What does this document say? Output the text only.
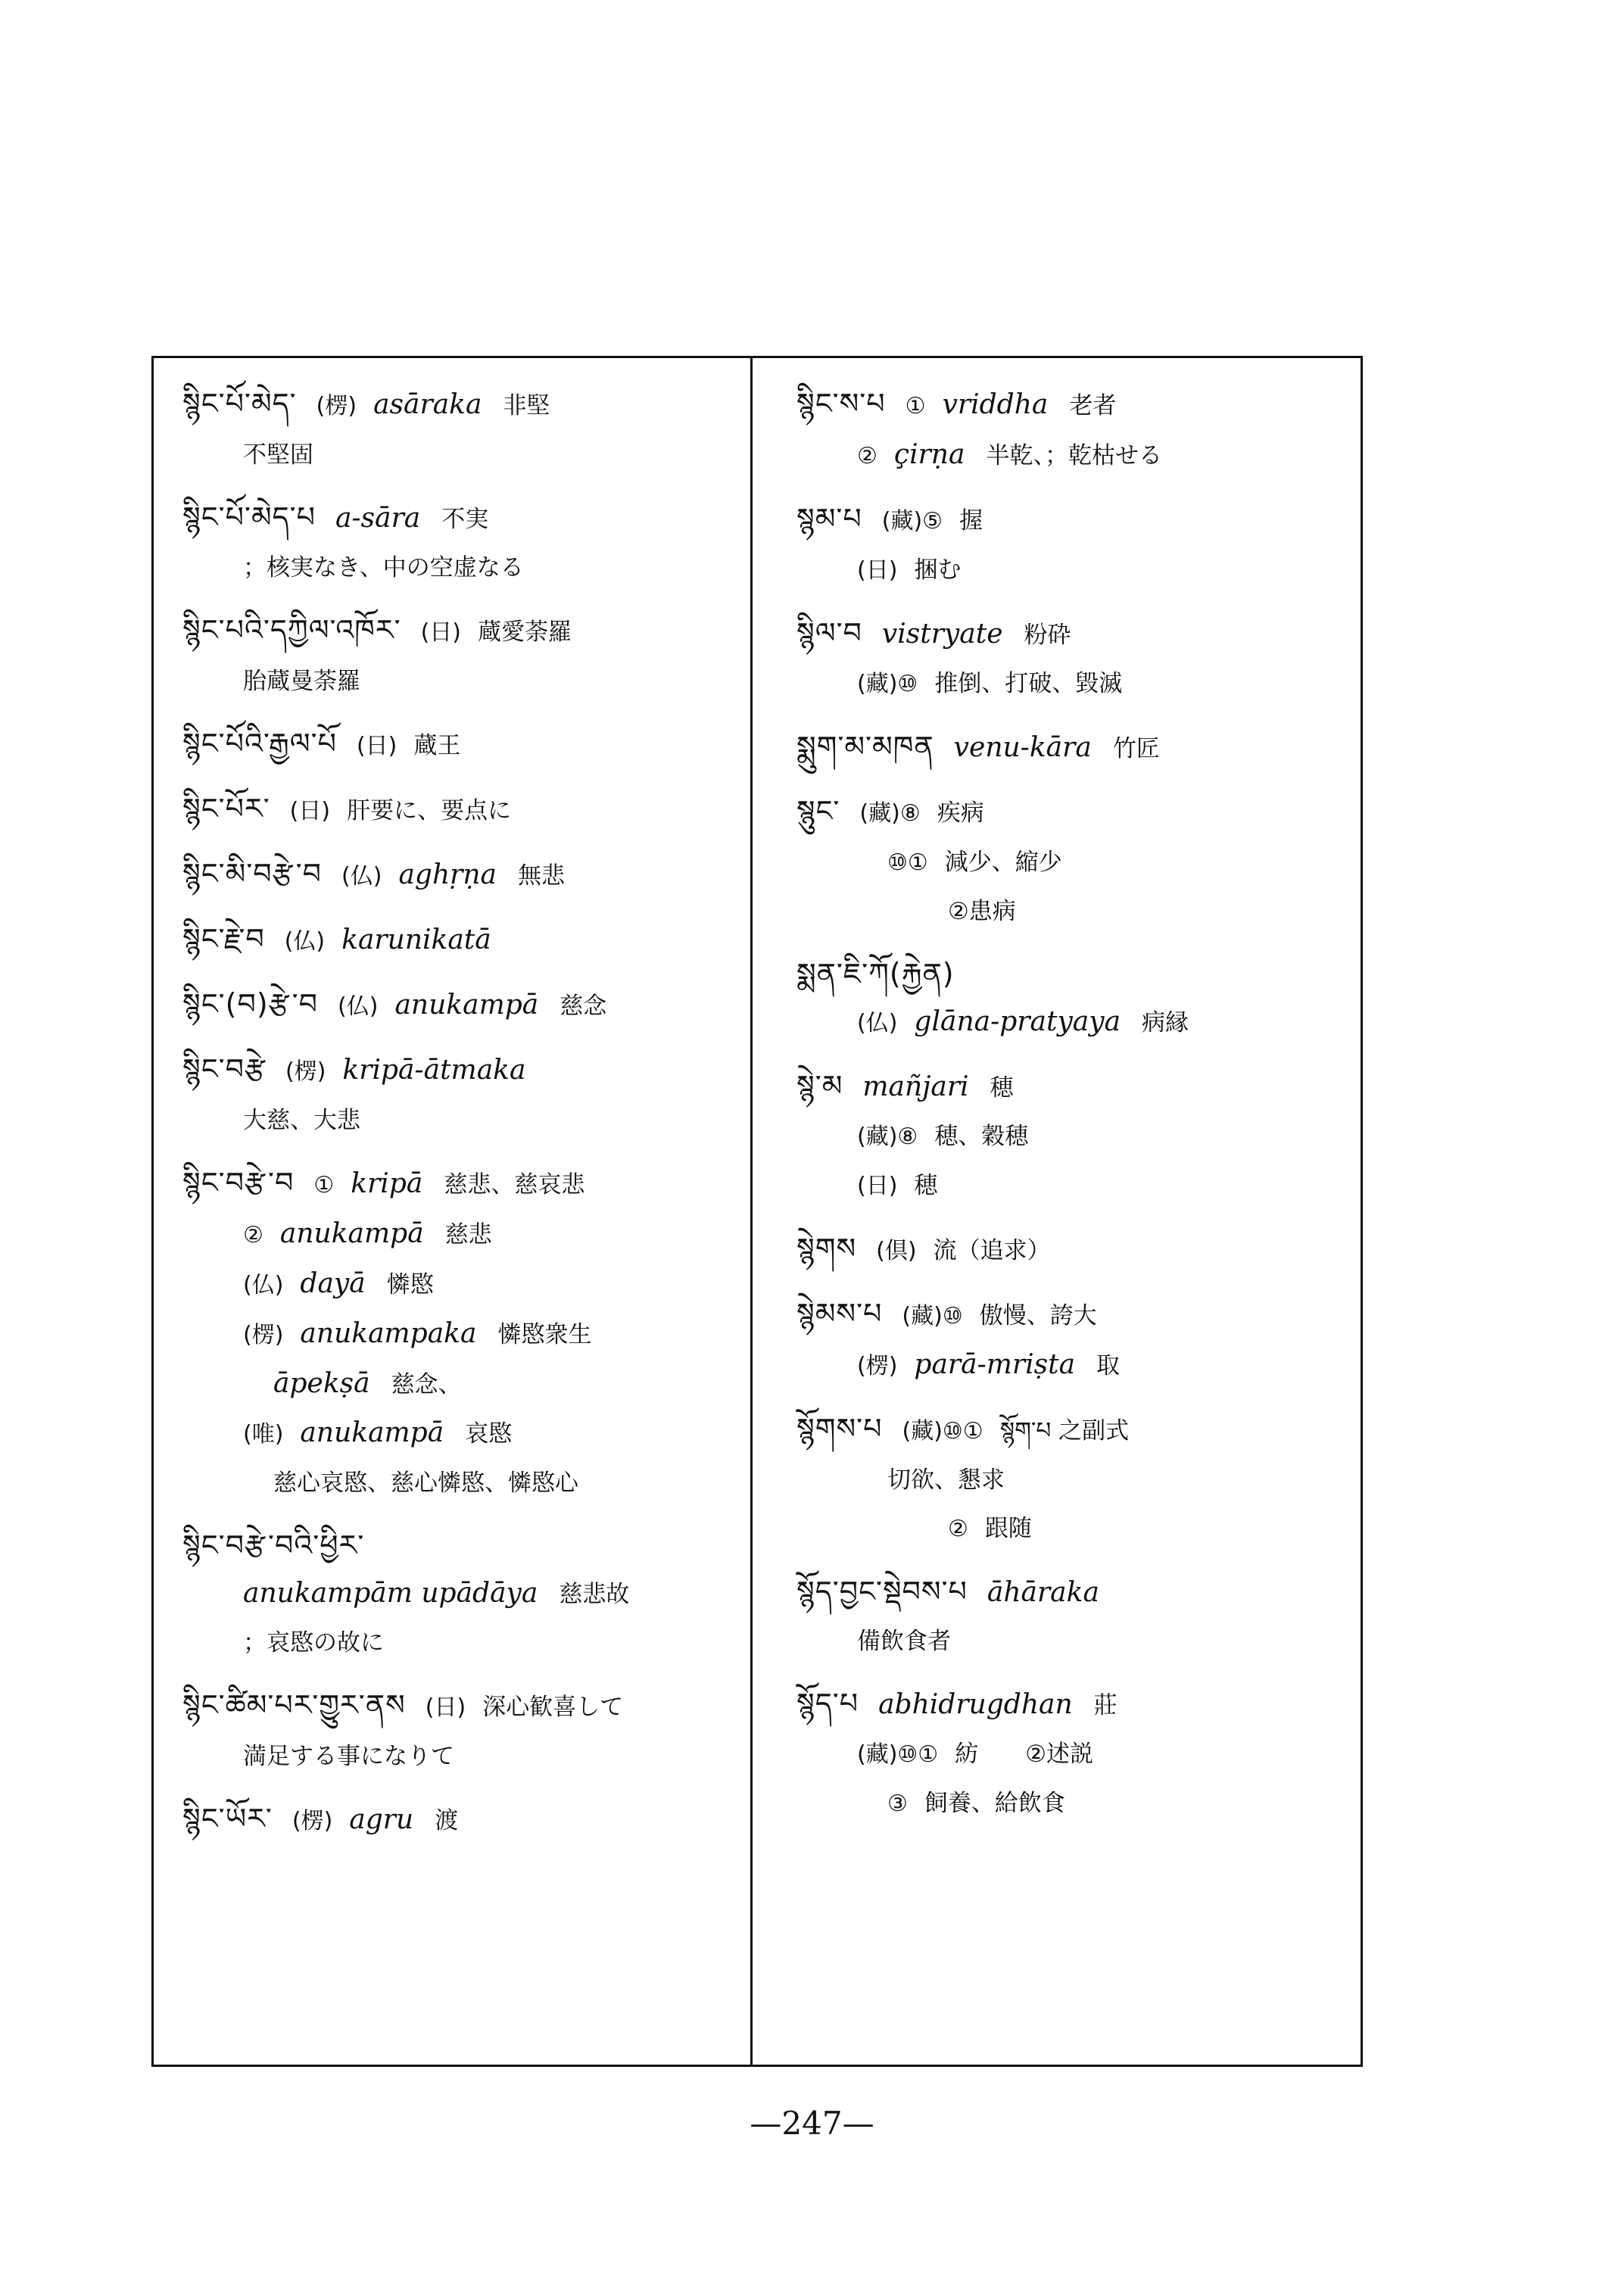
སྙིང་པོ་མེད་ (楞) asāraka 非堅
不堅固
སྙིང་པོ་མེད་པ a-sāra 不実
；核実なき、中の空虚なる
སྙིང་པའི་དཀྱིལ་འཁོར་ (日) 蔵愛荼羅
胎蔵曼荼羅
སྙིང་པོའི་རྒྱལ་པོ (日) 蔵王
སྙིང་པོར་ (日) 肝要に、要点に
སྙིང་མི་བརྩེ་བ (仏) aghṛṇa 無悲
སྙིང་རྗེ་བ (仏) karunikatā
སྙིང་(བ)རྩེ་བ (仏) anukampā 慈念
སྙིང་བརྩེ (楞) kripā-ātmaka
大慈、大悲
སྙིང་བརྩེ་བ ① kripā 慈悲、慈哀悲
② anukampā 慈悲
(仏) dayā 憐愍
(楞) anukampaka 憐愍衆生
āpekṣā 慈念、
(唯) anukampā 哀愍
慈心哀愍、慈心憐愍、憐愍心
སྙིང་བརྩེ་བའི་ཕྱིར་
anukampām upādāya 慈悲故
；哀愍の故に
སྙིང་ཚིམ་པར་གྱུར་ནས (日) 深心歓喜して
満足する事になりて
སྙིང་ཡོར་ (楞) agru 渡
སྙིང་ས་པ ① vriddha 老者
② çirṇa 半乾、；乾枯せる
སྙམ་པ (藏)⑤ 握
(日) 捆む
སྙིལ་བ vistryate 粉砕
(藏)⑩ 推倒、打破、毀滅
སྨུག་མ་མཁན venu-kāra 竹匠
སྙུང་ (藏)⑧ 疾病
⑩① 減少、縮少
②患病
སྨན་ཇི་ཀོ(རྐྱེན)
(仏) glāna-pratyaya 病縁
སྙེ་མ mañjari 穂
(藏)⑧ 穂、穀穂
(日) 穂
སྙེགས (倶) 流（追求）
སྙེམས་པ (藏)⑩ 傲慢、誇大
(楞) parā-mriṣta 取
སྙོགས་པ (藏)⑩① སྙོག་པ 之副式
切欲、懇求
② 跟随
སྙོད་བྱང་སྡེབས་པ āhāraka
備飲食者
སྙོད་པ abhidrugdhan 莊
(藏)⑩① 紡　　②述説
③ 飼養、給飲食
—247—
